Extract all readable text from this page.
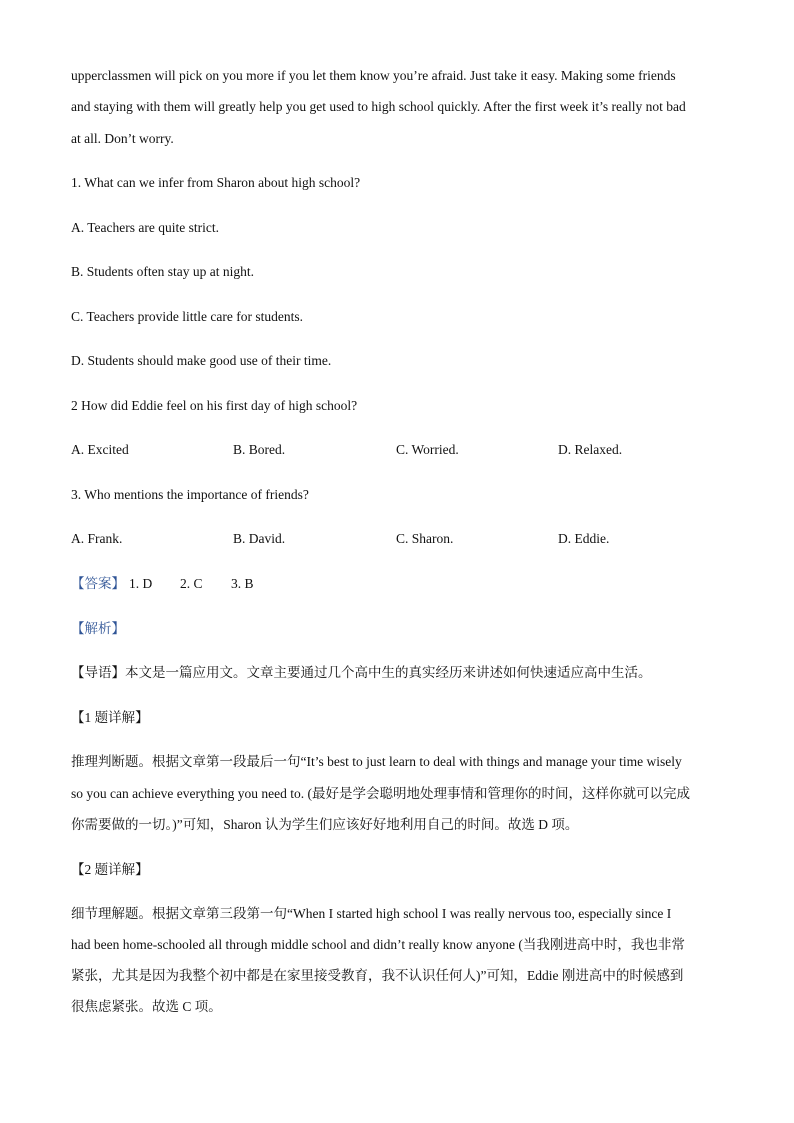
upperclassmen will pick on you more if you let them know you’re afraid. Just take it easy. Making some friends
and staying with them will greatly help you get used to high school quickly. After the first week it’s really not bad
at all. Don’t worry.
1. What can we infer from Sharon about high school?
A. Teachers are quite strict.
B. Students often stay up at night.
C. Teachers provide little care for students.
D. Students should make good use of their time.
2 How did Eddie feel on his first day of high school?
A. Excited	B. Bored.	C. Worried.	D. Relaxed.
3. Who mentions the importance of friends?
A. Frank.	B. David.	C. Sharon.	D. Eddie.
【答案】 1. D 2. C 3. B
【解析】
【导语】本文是一篇应用文。文章主要通过几个高中生的真实经历来讲述如何快速适应高中生活。
【1 题详解】
推理判断题。根据文章第一段最后一句“It’s best to just learn to deal with things and manage your time wisely
so you can achieve everything you need to. (最好是学会聪明地处理事情和管理你的时间，这样你就可以完成
你需要做的一切。)”可知，Sharon 认为学生们应该好好地利用自己的时间。故选 D 项。
【2 题详解】
细节理解题。根据文章第三段第一句“When I started high school I was really nervous too, especially since I
had been home-schooled all through middle school and didn’t really know anyone (当我刚进高中时，我也非常
紧张，尤其是因为我整个初中都是在家里接受教育，我不认识任何人)”可知，Eddie 刚进高中的时候感到
很焦虑紧张。故选 C 项。
